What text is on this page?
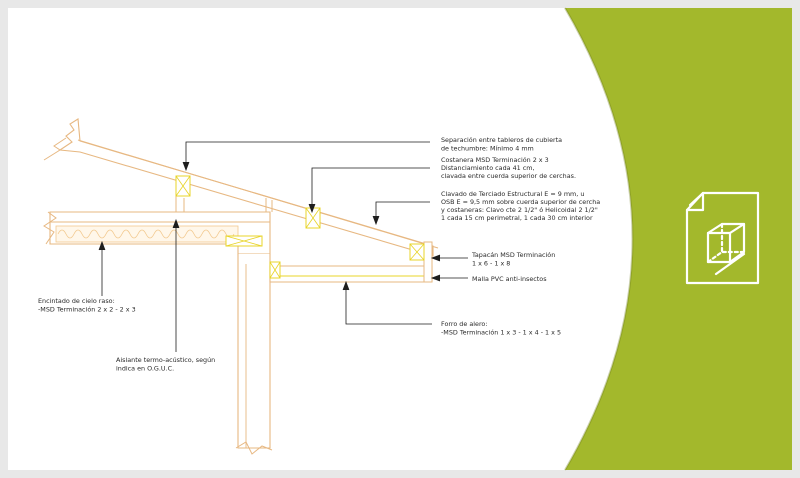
Separación entre tableros de cubierta de techumbre: Mínimo 4 mm
Costanera MSD Terminación 2 x 3 Distanciamiento cada 41 cm, clavada entre cuerda superior de cerchas.
Clavado de Terciado Estructural E = 9 mm, u OSB E = 9,5 mm sobre cuerda superior de cercha y costaneras: Clavo cte 2 1/2" ó Helicoidal 2 1/2" 1 cada 15 cm perimetral, 1 cada 30 cm interior
Tapacán MSD Terminación 1 x 6 - 1 x 8
Malla PVC anti-insectos
Forro de alero: -MSD Terminación 1 x 3 - 1 x 4 - 1 x 5
Encintado de cielo raso: -MSD Terminación 2 x 2 - 2 x 3
Aislante termo-acústico, según indica en O.G.U.C.
